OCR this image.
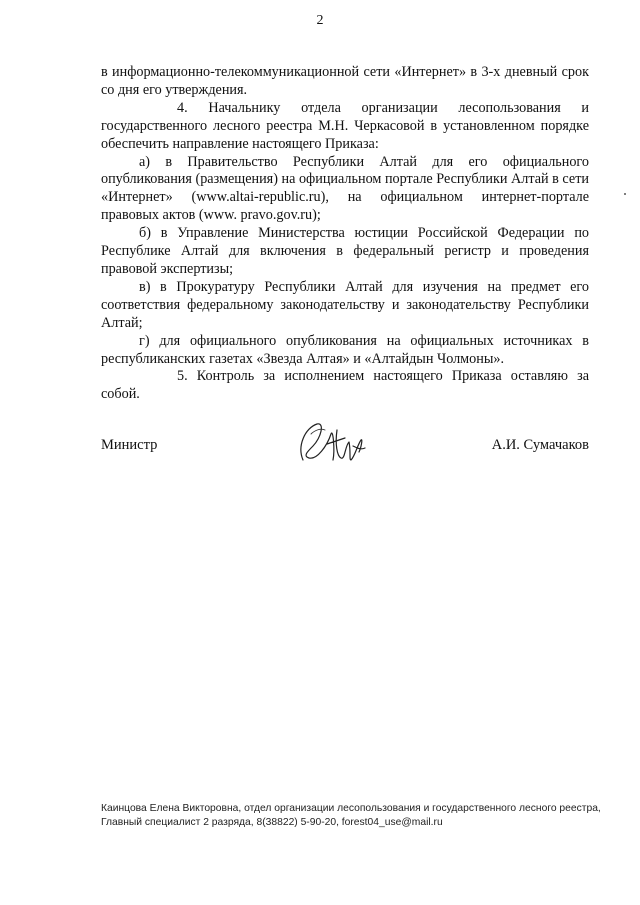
2

в информационно-телекоммуникационной сети «Интернет» в 3-х дневный срок со дня его утверждения.

4. Начальнику отдела организации лесопользования и государственного лесного реестра М.Н. Черкасовой в установленном порядке обеспечить направление настоящего Приказа:

а) в Правительство Республики Алтай для его официального опубликования (размещения) на официальном портале Республики Алтай в сети «Интернет» (www.altai-republic.ru), на официальном интернет-портале правовых актов (www. pravo.gov.ru);

б) в Управление Министерства юстиции Российской Федерации по Республике Алтай для включения в федеральный регистр и проведения правовой экспертизы;

в) в Прокуратуру Республики Алтай для изучения на предмет его соответствия федеральному законодательству и законодательству Республики Алтай;

г) для официального опубликования на официальных источниках в республиканских газетах «Звезда Алтая» и «Алтайдын Чолмоны».

5. Контроль за исполнением настоящего Приказа оставляю за собой.

Министр	А.И. Сумачаков

Каинцова Елена Викторовна, отдел организации лесопользования и государственного лесного реестра,

Главный специалист 2 разряда, 8(38822) 5-90-20, forest04_use@mail.ru
